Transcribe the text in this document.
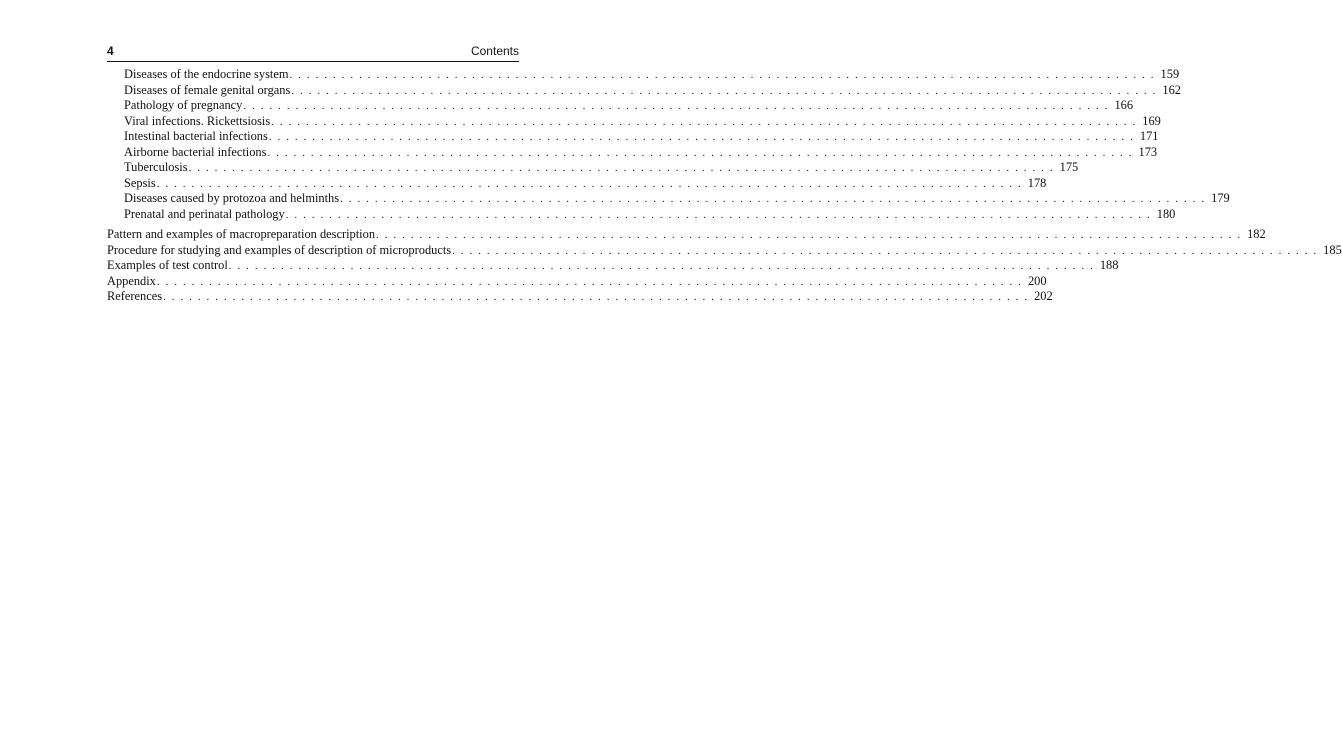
4	Contents
Diseases of the endocrine system . . . . . . . . . . . . . . . . . . . . . . . . . . . . . . . . . . . . . . . . . . . . . . . . . . . . . . . . . . . . . . . . . . . . . . . . . . . . . . . . . . . . . . . . . . . . . . . . . . . . 159
Diseases of female genital organs . . . . . . . . . . . . . . . . . . . . . . . . . . . . . . . . . . . . . . . . . . . . . . . . . . . . . . . . . . . . . . . . . . . . . . . . . . . . . . . . . . . . . . . . . . . . . . . . . . . . 162
Pathology of pregnancy . . . . . . . . . . . . . . . . . . . . . . . . . . . . . . . . . . . . . . . . . . . . . . . . . . . . . . . . . . . . . . . . . . . . . . . . . . . . . . . . . . . . . . . . . . . . . . . . . . . . 166
Viral infections. Rickettsiosis . . . . . . . . . . . . . . . . . . . . . . . . . . . . . . . . . . . . . . . . . . . . . . . . . . . . . . . . . . . . . . . . . . . . . . . . . . . . . . . . . . . . . . . . . . . . . . . . . . . . 169
Intestinal bacterial infections . . . . . . . . . . . . . . . . . . . . . . . . . . . . . . . . . . . . . . . . . . . . . . . . . . . . . . . . . . . . . . . . . . . . . . . . . . . . . . . . . . . . . . . . . . . . . . . . . . . . 171
Airborne bacterial infections . . . . . . . . . . . . . . . . . . . . . . . . . . . . . . . . . . . . . . . . . . . . . . . . . . . . . . . . . . . . . . . . . . . . . . . . . . . . . . . . . . . . . . . . . . . . . . . . . . . . 173
Tuberculosis . . . . . . . . . . . . . . . . . . . . . . . . . . . . . . . . . . . . . . . . . . . . . . . . . . . . . . . . . . . . . . . . . . . . . . . . . . . . . . . . . . . . . . . . . . . . . . . . . . . . 175
Sepsis . . . . . . . . . . . . . . . . . . . . . . . . . . . . . . . . . . . . . . . . . . . . . . . . . . . . . . . . . . . . . . . . . . . . . . . . . . . . . . . . . . . . . . . . . . . . . . . . . . . . 178
Diseases caused by protozoa and helminths . . . . . . . . . . . . . . . . . . . . . . . . . . . . . . . . . . . . . . . . . . . . . . . . . . . . . . . . . . . . . . . . . . . . . . . . . . . . . . . . . . . . . . . . . . . . . . . . . . . . 179
Prenatal and perinatal pathology . . . . . . . . . . . . . . . . . . . . . . . . . . . . . . . . . . . . . . . . . . . . . . . . . . . . . . . . . . . . . . . . . . . . . . . . . . . . . . . . . . . . . . . . . . . . . . . . . . . . 180
Pattern and examples of macropreparation description . . . . . . . . . . . . . . . . . . . . . . . . . . . . . . . . . . . . . . . . . . . . . . . . . . . . . . . . . . . . . . . . . . . . . . . . . . . . . . . . . . . . . . . . . . . . . . . . . . . . 182
Procedure for studying and examples of description of microproducts . . . . . . . . . . . . . . . . . . . . . . . . . . . . . . . . . . . . . . . . . . . . . . . . . . . . . . . . . . . . . . . . . . . . . . . . . . . . . . . . . . . . . . . . . . . . . . . . . . . . 185
Examples of test control . . . . . . . . . . . . . . . . . . . . . . . . . . . . . . . . . . . . . . . . . . . . . . . . . . . . . . . . . . . . . . . . . . . . . . . . . . . . . . . . . . . . . . . . . . . . . . . . . . . . 188
Appendix . . . . . . . . . . . . . . . . . . . . . . . . . . . . . . . . . . . . . . . . . . . . . . . . . . . . . . . . . . . . . . . . . . . . . . . . . . . . . . . . . . . . . . . . . . . . . . . . . . . . 200
References . . . . . . . . . . . . . . . . . . . . . . . . . . . . . . . . . . . . . . . . . . . . . . . . . . . . . . . . . . . . . . . . . . . . . . . . . . . . . . . . . . . . . . . . . . . . . . . . . . . . 202
